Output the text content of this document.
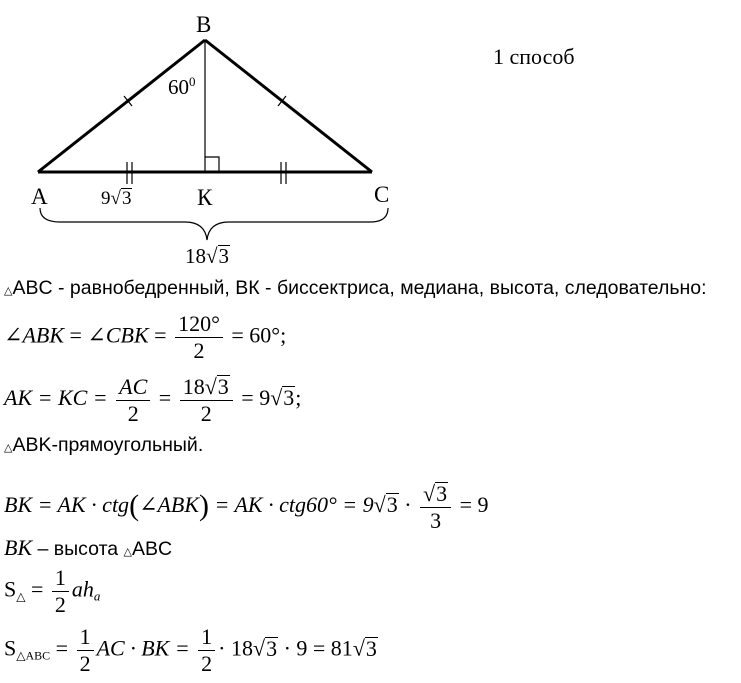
1 способ
B
A	C
К
$60^0$
9√3
18√3
△ABC - равнобедренный, ВК - биссектриса, медиана, высота, следовательно:
∠ABK = ∠CBK = $\frac{120^\circ}{2} = 60^\circ$;
AK = KC = $\frac{AC}{2} = \frac{18√3}{2} = 9√3$;
△ABK-прямоугольный.
BK = AK · ctg(∠ABK) = AK · $ctg60^\circ = 9√3 \cdot \frac{√3}{3} = 9$
BK – высота △ABC
$S_\triangle = \frac{1}{2}$ aha
$S_{\triangle ABC} = \frac{1}{2}$ AC · BK = $\frac{1}{2} \cdot 18√3 \cdot 9 = 81√3$
